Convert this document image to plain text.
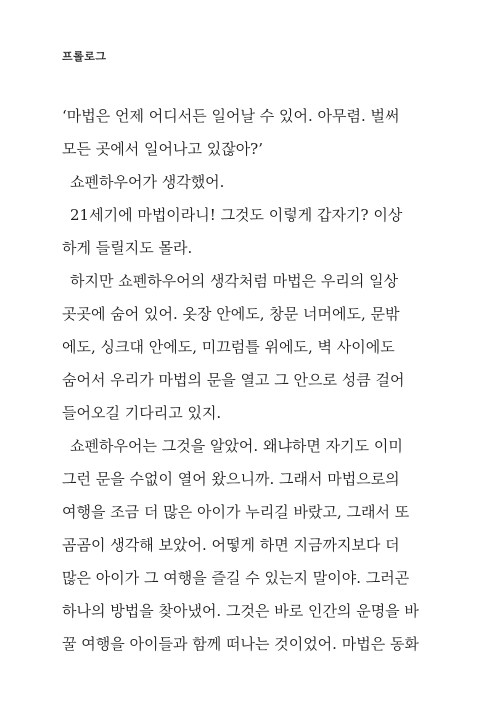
프롤로그

‘마법은 언제 어디서든 일어날 수 있어. 아무렴. 벌써
모든 곳에서 일어나고 있잖아?’

쇼펜하우어가 생각했어.

21세기에 마법이라니! 그것도 이렇게 갑자기? 이상
하게 들릴지도 몰라.

하지만 쇼펜하우어의 생각처럼 마법은 우리의 일상
곳곳에 숨어 있어. 옷장 안에도, 창문 너머에도, 문밖
에도, 싱크대 안에도, 미끄럼틀 위에도, 벽 사이에도
숨어서 우리가 마법의 문을 열고 그 안으로 성큼 걸어
들어오길 기다리고 있지.

쇼펜하우어는 그것을 알았어. 왜냐하면 자기도 이미
그런 문을 수없이 열어 왔으니까. 그래서 마법으로의
여행을 조금 더 많은 아이가 누리길 바랐고, 그래서 또
곰곰이 생각해 보았어. 어떻게 하면 지금까지보다 더
많은 아이가 그 여행을 즐길 수 있는지 말이야. 그러곤
하나의 방법을 찾아냈어. 그것은 바로 인간의 운명을 바
꿀 여행을 아이들과 함께 떠나는 것이었어. 마법은 동화
